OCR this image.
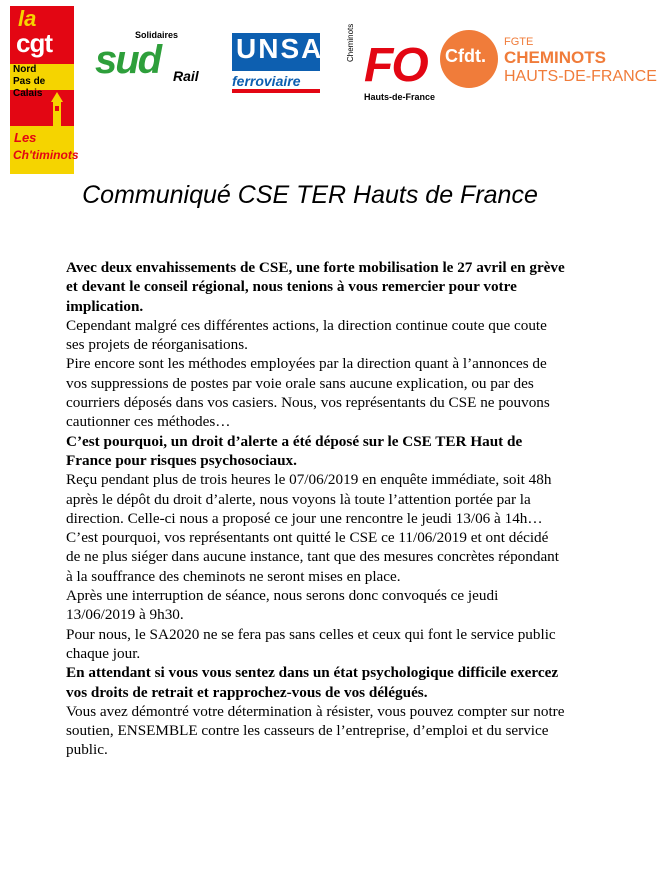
la
cgt
Nord
Pas de Calais
Les
Ch'timinots
Solidaires
sud Rail
UNSA
ferroviaire
Cheminots FO
Hauts-de-France
Cfdt.
FGTE
CHEMINOTS
HAUTS-DE-FRANCE
Communiqué CSE TER Hauts de France

Avec deux envahissements de CSE, une forte mobilisation le 27 avril en grève et devant le conseil régional, nous tenions à vous remercier pour votre implication.

Cependant malgré ces différentes actions, la direction continue coute que coute ses projets de réorganisations.

Pire encore sont les méthodes employées par la direction quant à l’annonces de vos suppressions de postes par voie orale sans aucune explication, ou par des courriers déposés dans vos casiers. Nous, vos représentants du CSE ne pouvons cautionner ces méthodes…

C’est pourquoi, un droit d’alerte a été déposé sur le CSE TER Haut de France pour risques psychosociaux.

Reçu pendant plus de trois heures le 07/06/2019 en enquête immédiate, soit 48h après le dépôt du droit d’alerte, nous voyons là toute l’attention portée par la direction. Celle-ci nous a proposé ce jour une rencontre le jeudi 13/06 à 14h…

C’est pourquoi, vos représentants ont quitté le CSE ce 11/06/2019 et ont décidé de ne plus siéger dans aucune instance, tant que des mesures concrètes répondant à la souffrance des cheminots ne seront mises en place.

Après une interruption de séance, nous serons donc convoqués ce jeudi 13/06/2019 à 9h30.

Pour nous, le SA2020 ne se fera pas sans celles et ceux qui font le service public chaque jour.

En attendant si vous vous sentez dans un état psychologique difficile exercez vos droits de retrait et rapprochez-vous de vos délégués.

Vous avez démontré votre détermination à résister, vous pouvez compter sur notre soutien, ENSEMBLE contre les casseurs de l’entreprise, d’emploi et du service public.
